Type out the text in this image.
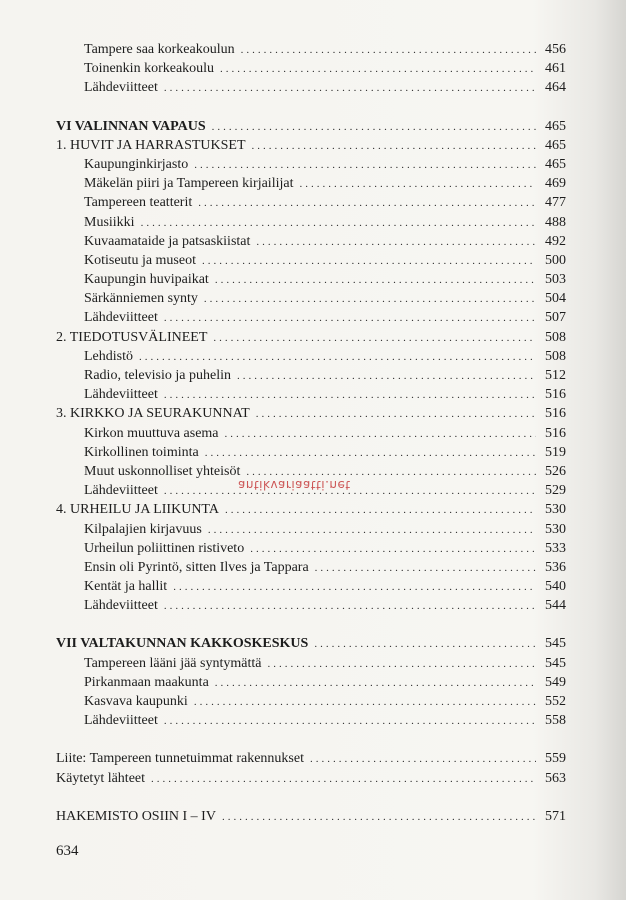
Tampere saa korkeakoulun .....	456
Toinenkin korkeakoulu .....	461
Lähdeviitteet .....	464
VI VALINNAN VAPAUS .....	465
1. HUVIT JA HARRASTUKSET .....	465
Kaupunginkirjasto .....	465
Mäkelän piiri ja Tampereen kirjailijat .....	469
Tampereen teatterit .....	477
Musiikki .....	488
Kuvaamataide ja patsaskiistat .....	492
Kotiseutu ja museot .....	500
Kaupungin huvipaikat .....	503
Särkänniemen synty .....	504
Lähdeviitteet .....	507
2. TIEDOTUSVÄLINEET .....	508
Lehdistö .....	508
Radio, televisio ja puhelin .....	512
Lähdeviitteet .....	516
3. KIRKKO JA SEURAKUNNAT .....	516
Kirkon muuttuva asema .....	516
Kirkollinen toiminta .....	519
Muut uskonnolliset yhteisöt .....	526
Lähdeviitteet .....	529
4. URHEILU JA LIIKUNTA .....	530
Kilpalajien kirjavuus .....	530
Urheilun poliittinen ristiveto .....	533
Ensin oli Pyrintö, sitten Ilves ja Tappara .....	536
Kentät ja hallit .....	540
Lähdeviitteet .....	544
VII VALTAKUNNAN KAKKOSKESKUS .....	545
Tampereen lääni jää syntymättä .....	545
Pirkanmaan maakunta .....	549
Kasvava kaupunki .....	552
Lähdeviitteet .....	558
Liite: Tampereen tunnetuimmat rakennukset .....	559
Käytetyt lähteet .....	563
HAKEMISTO OSIIN I – IV .....	571
antikvariaatti.net
634
